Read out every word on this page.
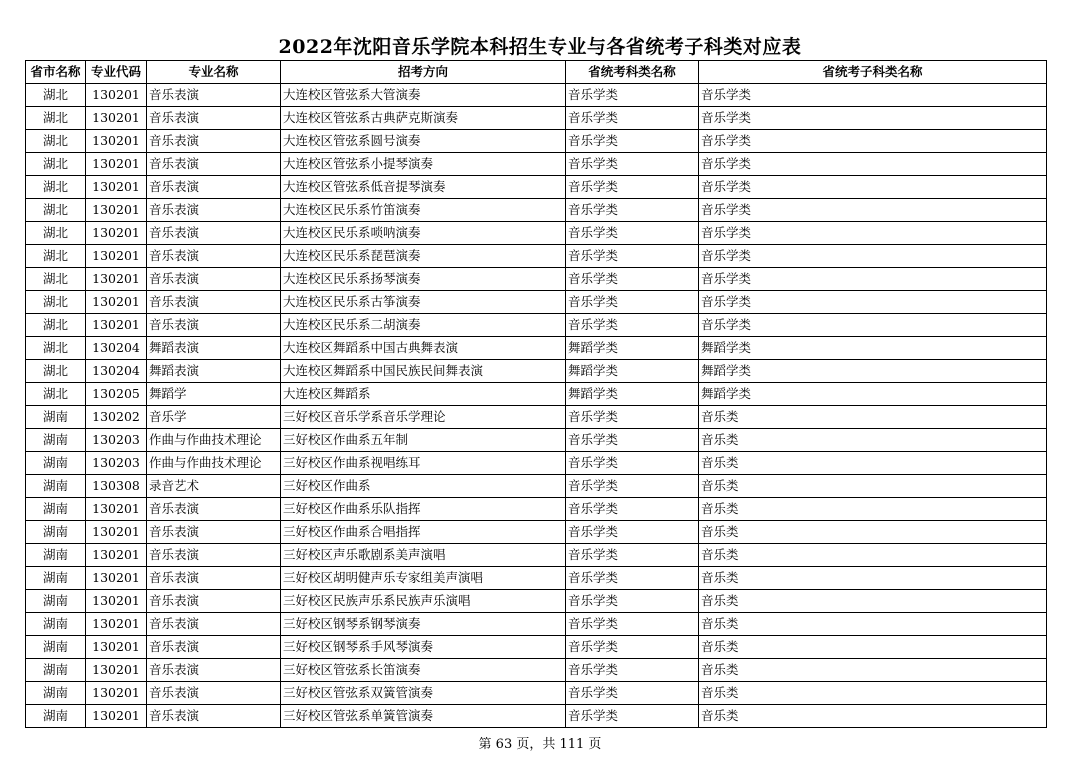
2022年沈阳音乐学院本科招生专业与各省统考子科类对应表
省市名称	专业代码	专业名称	招考方向	省统考科类名称	省统考子科类名称
湖北	130201	音乐表演	大连校区管弦系大管演奏	音乐学类	音乐学类
湖北	130201	音乐表演	大连校区管弦系古典萨克斯演奏	音乐学类	音乐学类
湖北	130201	音乐表演	大连校区管弦系圆号演奏	音乐学类	音乐学类
湖北	130201	音乐表演	大连校区管弦系小提琴演奏	音乐学类	音乐学类
湖北	130201	音乐表演	大连校区管弦系低音提琴演奏	音乐学类	音乐学类
湖北	130201	音乐表演	大连校区民乐系竹笛演奏	音乐学类	音乐学类
湖北	130201	音乐表演	大连校区民乐系唢呐演奏	音乐学类	音乐学类
湖北	130201	音乐表演	大连校区民乐系琵琶演奏	音乐学类	音乐学类
湖北	130201	音乐表演	大连校区民乐系扬琴演奏	音乐学类	音乐学类
湖北	130201	音乐表演	大连校区民乐系古筝演奏	音乐学类	音乐学类
湖北	130201	音乐表演	大连校区民乐系二胡演奏	音乐学类	音乐学类
湖北	130204	舞蹈表演	大连校区舞蹈系中国古典舞表演	舞蹈学类	舞蹈学类
湖北	130204	舞蹈表演	大连校区舞蹈系中国民族民间舞表演	舞蹈学类	舞蹈学类
湖北	130205	舞蹈学	大连校区舞蹈系	舞蹈学类	舞蹈学类
湖南	130202	音乐学	三好校区音乐学系音乐学理论	音乐学类	音乐类
湖南	130203	作曲与作曲技术理论	三好校区作曲系五年制	音乐学类	音乐类
湖南	130203	作曲与作曲技术理论	三好校区作曲系视唱练耳	音乐学类	音乐类
湖南	130308	录音艺术	三好校区作曲系	音乐学类	音乐类
湖南	130201	音乐表演	三好校区作曲系乐队指挥	音乐学类	音乐类
湖南	130201	音乐表演	三好校区作曲系合唱指挥	音乐学类	音乐类
湖南	130201	音乐表演	三好校区声乐歌剧系美声演唱	音乐学类	音乐类
湖南	130201	音乐表演	三好校区胡明健声乐专家组美声演唱	音乐学类	音乐类
湖南	130201	音乐表演	三好校区民族声乐系民族声乐演唱	音乐学类	音乐类
湖南	130201	音乐表演	三好校区钢琴系钢琴演奏	音乐学类	音乐类
湖南	130201	音乐表演	三好校区钢琴系手风琴演奏	音乐学类	音乐类
湖南	130201	音乐表演	三好校区管弦系长笛演奏	音乐学类	音乐类
湖南	130201	音乐表演	三好校区管弦系双簧管演奏	音乐学类	音乐类
湖南	130201	音乐表演	三好校区管弦系单簧管演奏	音乐学类	音乐类
第 63 页，共 111 页
